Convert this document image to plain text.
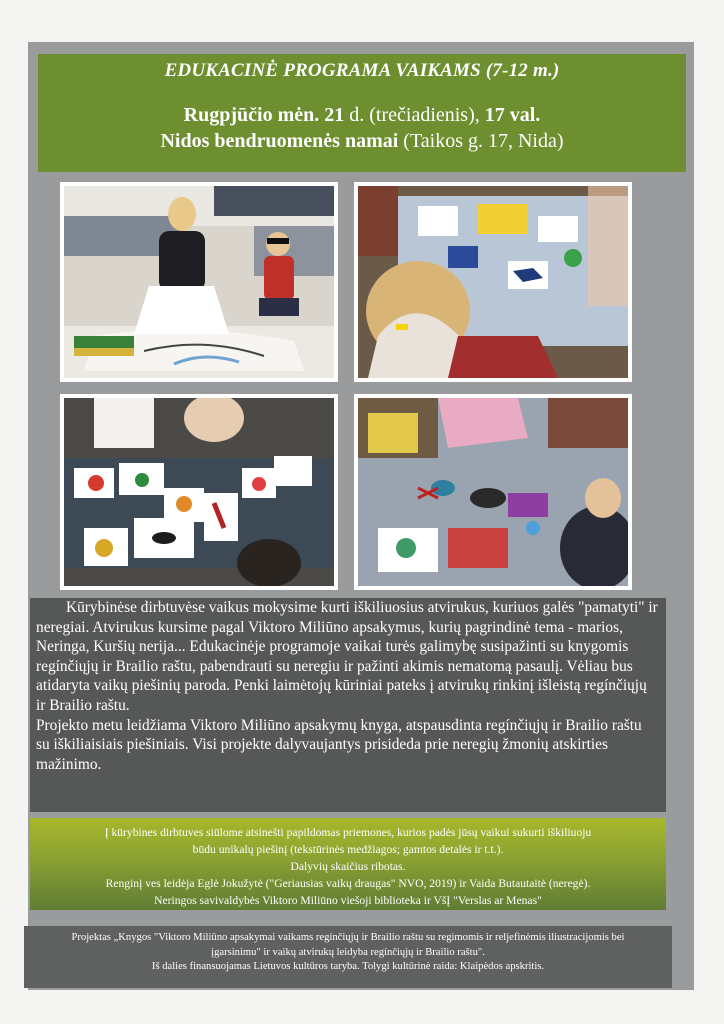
EDUKACINĖ PROGRAMA VAIKAMS (7-12 m.)
Rugpjūčio mėn. 21 d. (trečiadienis), 17 val.
Nidos bendruomenės namai (Taikos g. 17, Nida)

Kūrybinėse dirbtuvėse vaikus mokysime kurti iškiliuosius atvirukus, kuriuos galės "pamatyti" ir neregiai. Atvirukus kursime pagal Viktoro Miliūno apsakymus, kurių pagrindinė tema - marios, Neringa, Kuršių nerija... Edukacinėje programoje vaikai turės galimybę susipažinti su knygomis regínčiųjų ir Brailio raštu, pabendrauti su neregiu ir pažinti akimis nematomą pasaulį. Vėliau bus atidaryta vaikų piešinių paroda. Penki laimėtojų kūriniai pateks į atvirukų rinkinį išleistą regínčiųjų ir Brailio raštu.

Projekto metu leidžiama Viktoro Miliūno apsakymų knyga, atspausdinta regínčiųjų ir Brailio raštu su iškiliaisiais piešiniais. Visi projekte dalyvaujantys prisideda prie neregių žmonių atskirties mažinimo.

Į kūrybines dirbtuves siūlome atsinešti papildomas priemones, kurios padės jūsų vaikui sukurti iškiliuoju
būdu unikalų piešinį (tekstūrinės medžiagos; gamtos detalės ir t.t.).
Dalyvių skaičius ribotas.
Renginį ves leidėja Eglė Jokužytė ("Geriausias vaikų draugas" NVO, 2019) ir Vaida Butautaitė (neregė).
Neringos savivaldybės Viktoro Miliūno viešoji biblioteka ir VšĮ "Verslas ar Menas"
Projektas „Knygos "Viktoro Miliūno apsakymai vaikams regínčiųjų ir Brailio raštu su regimomis ir reljefinėmis iliustracijomis bei
įgarsinimu" ir vaikų atvirukų leidyba regínčiųjų ir Brailio raštu".
Iš dalies finansuojamas Lietuvos kultūros taryba. Tolygi kultūrinė raida: Klaipėdos apskritis.
